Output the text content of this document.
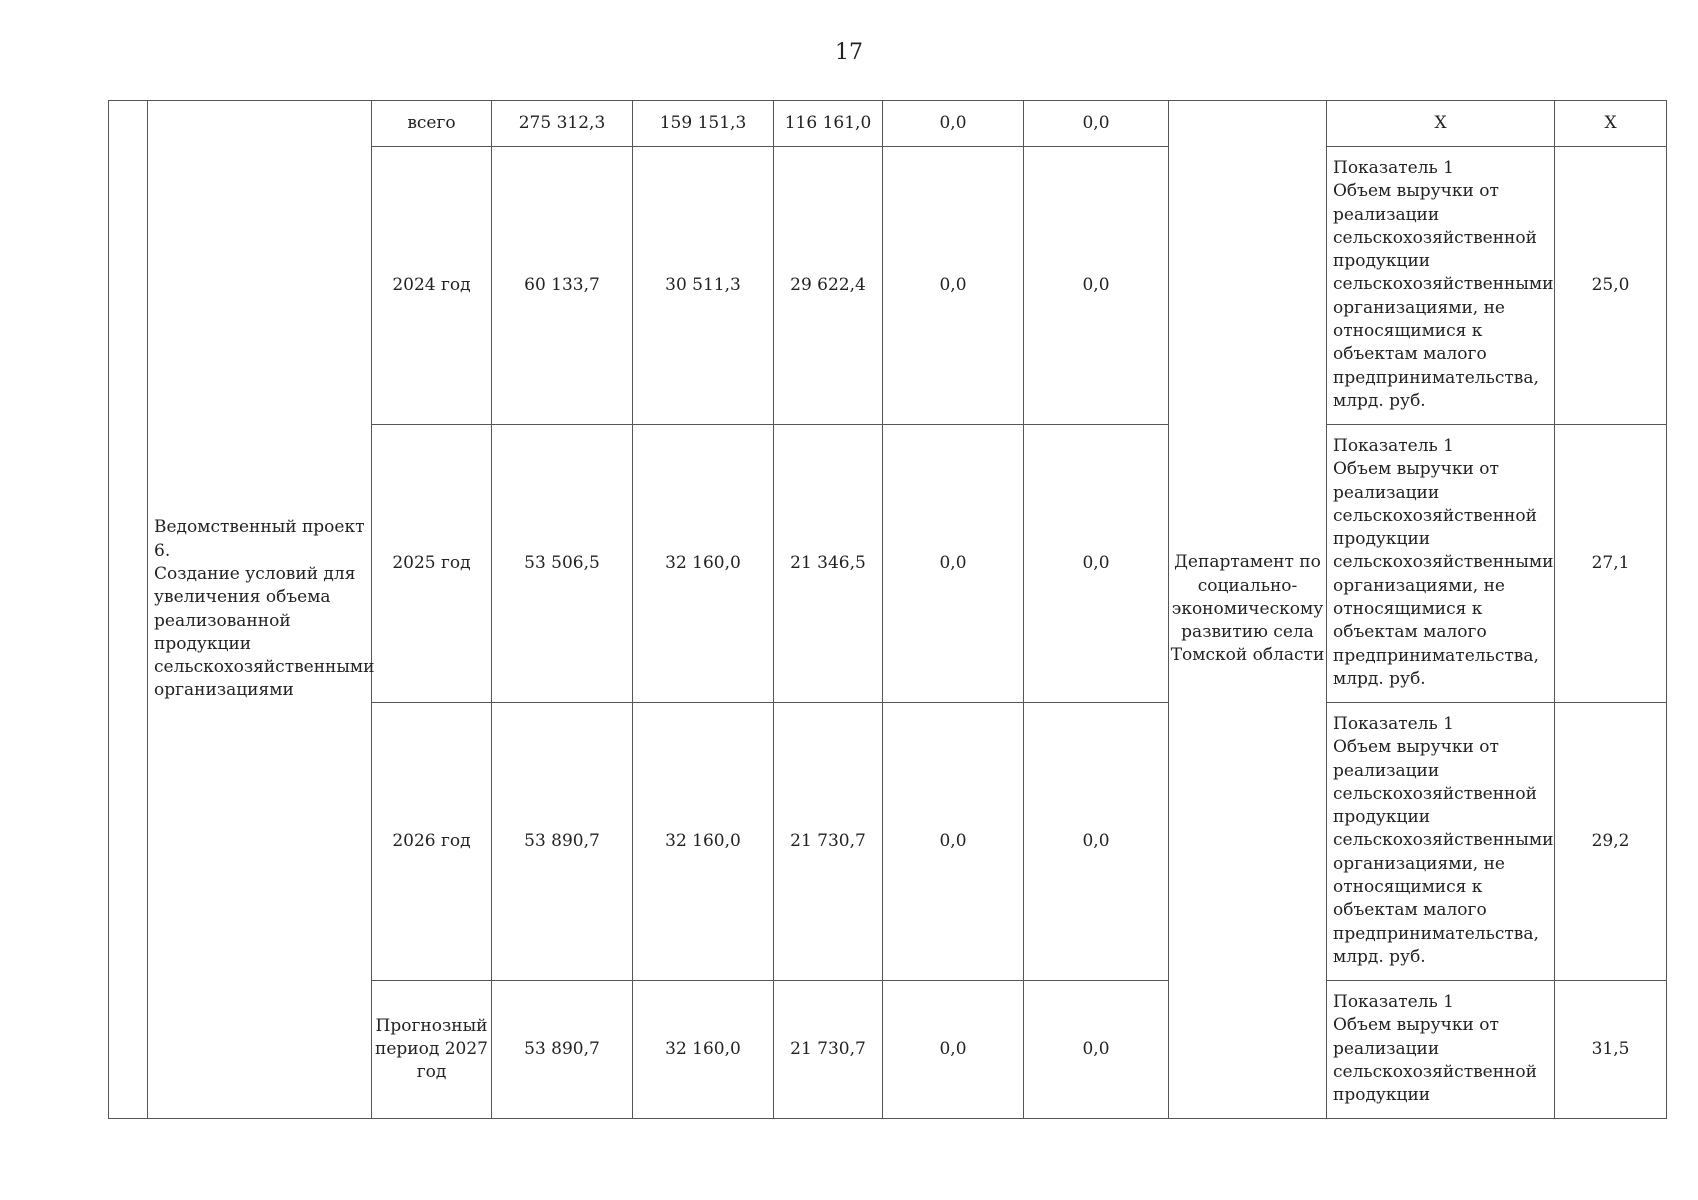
17

	Ведомственный проект 6.
Создание условий для увеличения объема реализованной продукции сельскохозяйственными организациями	всего	275 312,3	159 151,3	116 161,0	0,0	0,0	Департамент по социально-экономическому развитию села Томской области	Х	Х
		2024 год	60 133,7	30 511,3	29 622,4	0,0	0,0		Показатель 1
Объем выручки от реализации сельскохозяйственной продукции сельскохозяйственными организациями, не относящимися к объектам малого предпринимательства, млрд. руб.	25,0
		2025 год	53 506,5	32 160,0	21 346,5	0,0	0,0		Показатель 1
Объем выручки от реализации сельскохозяйственной продукции сельскохозяйственными организациями, не относящимися к объектам малого предпринимательства, млрд. руб.	27,1
		2026 год	53 890,7	32 160,0	21 730,7	0,0	0,0		Показатель 1
Объем выручки от реализации сельскохозяйственной продукции сельскохозяйственными организациями, не относящимися к объектам малого предпринимательства, млрд. руб.	29,2
		Прогнозный период 2027 год	53 890,7	32 160,0	21 730,7	0,0	0,0		Показатель 1
Объем выручки от реализации сельскохозяйственной продукции	31,5
